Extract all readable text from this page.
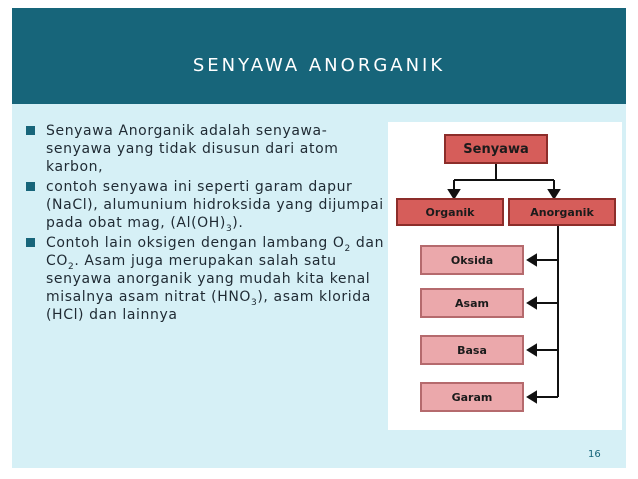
SENYAWA ANORGANIK
Senyawa Anorganik adalah senyawa-senyawa yang tidak disusun dari atom karbon,
contoh senyawa ini seperti garam dapur (NaCl), alumunium hidroksida yang dijumpai pada obat mag, $(Al(OH)_3)$.
Contoh lain oksigen dengan lambang $O_2$ dan $CO_2$. Asam juga merupakan salah satu senyawa anorganik yang mudah kita kenal misalnya asam nitrat $(HNO_3)$, asam klorida (HCl) dan lainnya
Senyawa
Organik	Anorganik
Oksida
Asam
Basa
Garam
16
